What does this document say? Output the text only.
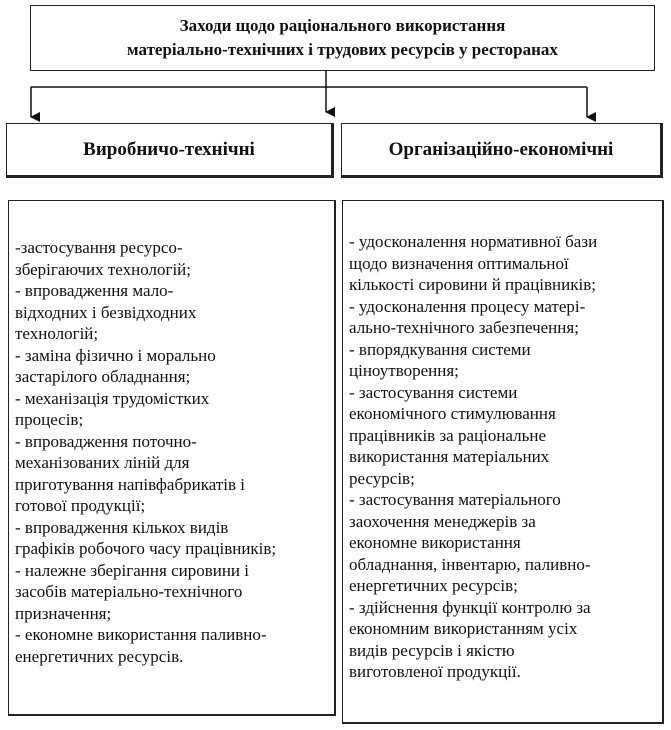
Заходи щодо раціонального використання
матеріально-технічних і трудових ресурсів у ресторанах
Виробничо-технічні	Організаційно-економічні
-застосування ресурсо-
зберігаючих технологій;
- впровадження мало-
відходних і безвідходних
технологій;
- заміна фізично і морально
застарілого обладнання;
- механізація трудомістких
процесів;
- впровадження поточно-
механізованих ліній для
приготування напівфабрикатів і
готової продукції;
- впровадження кількох видів
графіків робочого часу працівників;
- належне зберігання сировини і
засобів матеріально-технічного
призначення;
- економне використання паливно-
енергетичних ресурсів.
- удосконалення нормативної бази
щодо визначення оптимальної
кількості сировини й працівників;
- удосконалення процесу матері-
ально-технічного забезпечення;
- впорядкування системи
ціноутворення;
- застосування системи
економічного стимулювання
працівників за раціональне
використання матеріальних
ресурсів;
- застосування матеріального
заохочення менеджерів за
економне використання
обладнання, інвентарю, паливно-
енергетичних ресурсів;
- здійснення функції контролю за
економним використанням усіх
видів ресурсів і якістю
виготовленої продукції.
